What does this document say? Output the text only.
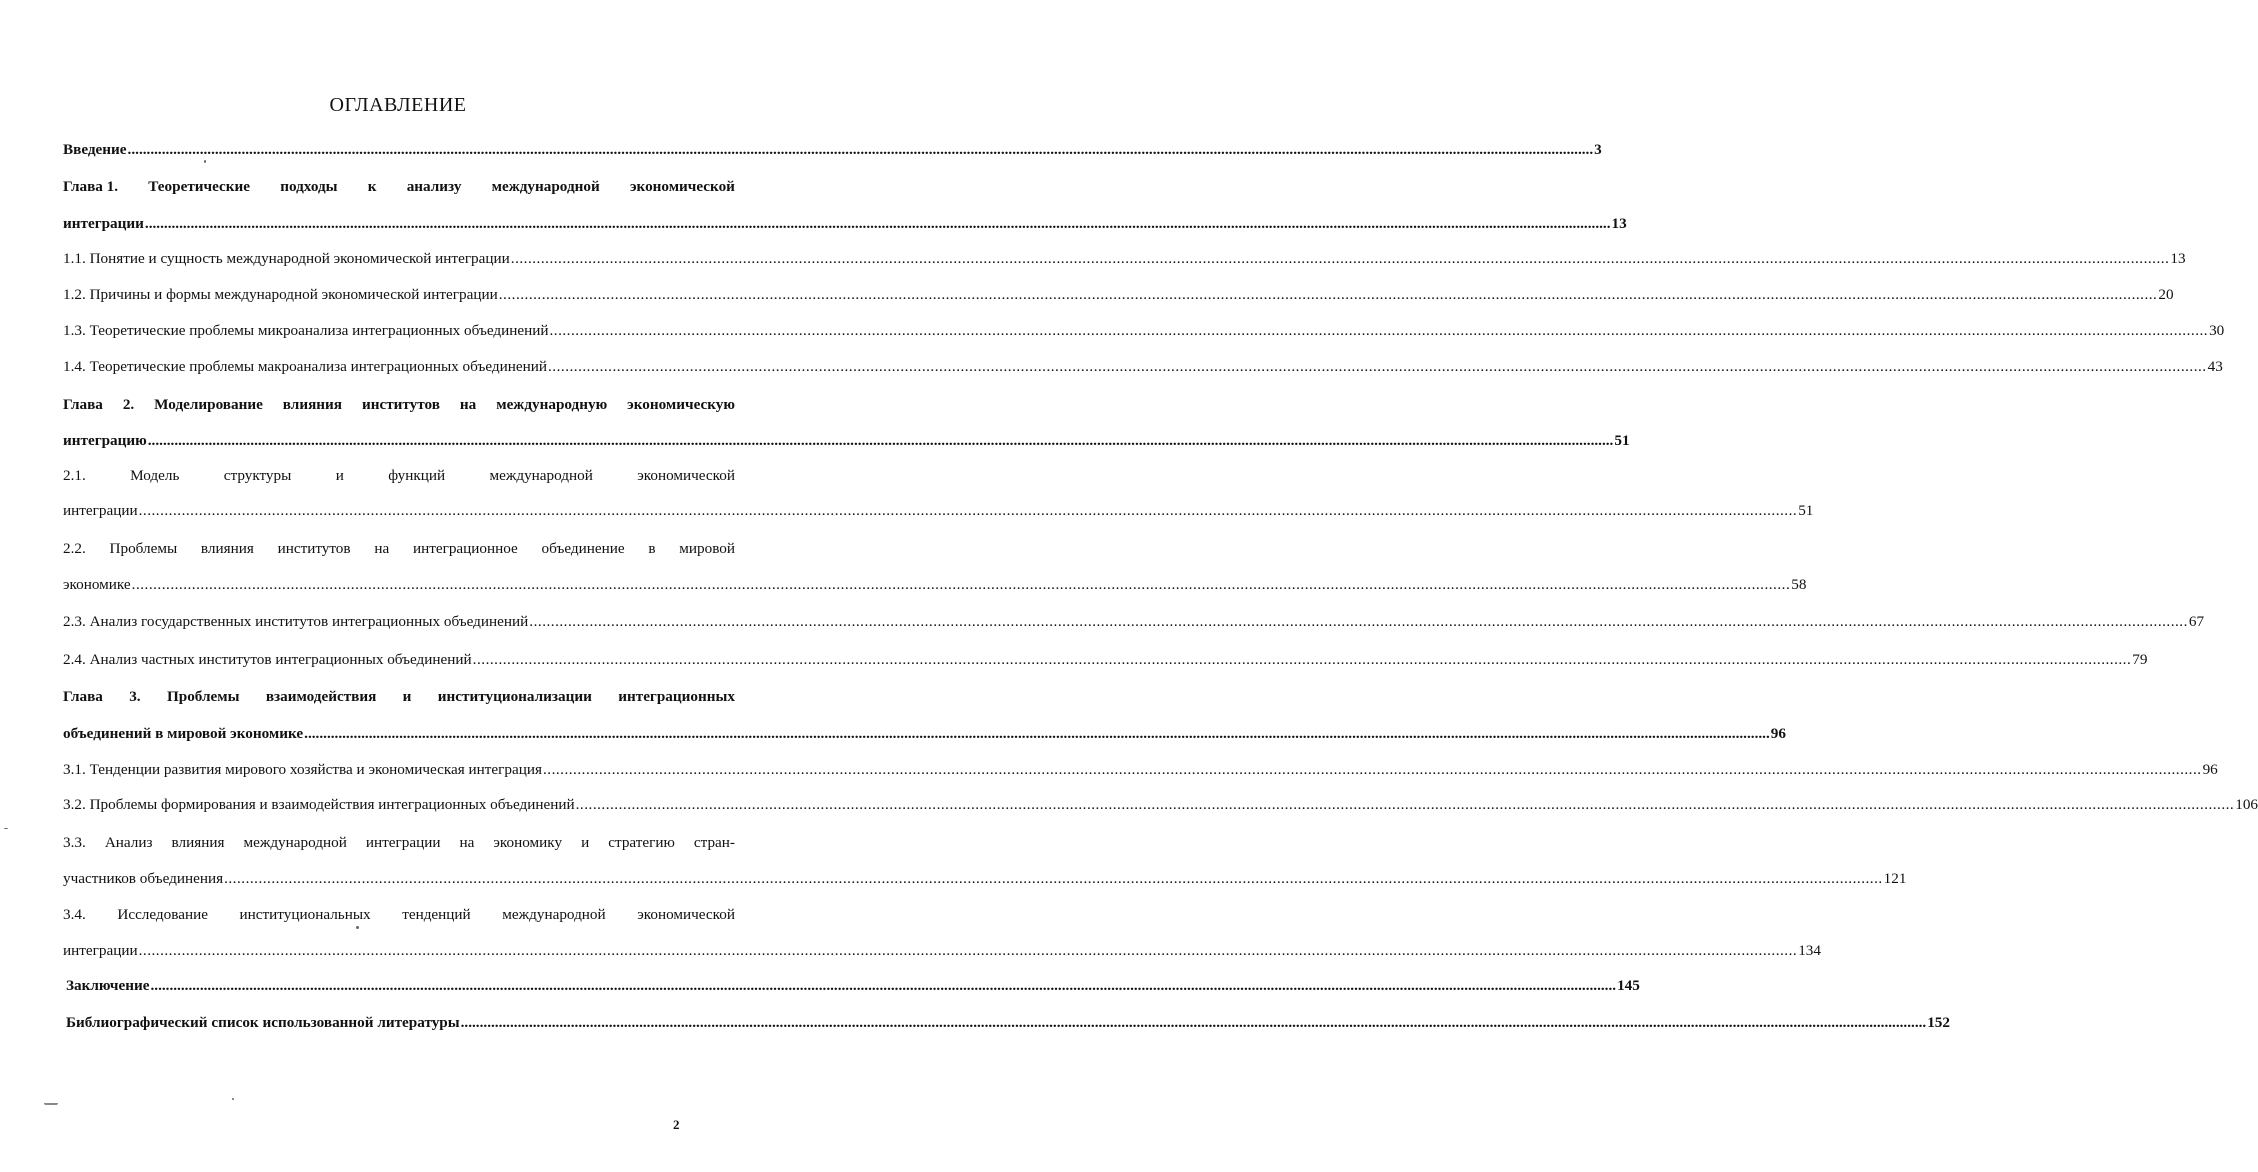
ОГЛАВЛЕНИЕ
Введение .................................................................................................................................................................................................................................................................................................................................................................................................. 3
Глава 1. Теоретические подходы к анализу международной экономической
интеграции .................................................................................................................................................................................................................................................................................................................................................................................................. 13
1.1. Понятие и сущность международной экономической интеграции .................................................................................................................................................................................................................................................................................................................................................................................................. 13
1.2. Причины и формы международной экономической интеграции .................................................................................................................................................................................................................................................................................................................................................................................................. 20
1.3. Теоретические проблемы микроанализа интеграционных объединений .................................................................................................................................................................................................................................................................................................................................................................................................. 30
1.4. Теоретические проблемы макроанализа интеграционных объединений .................................................................................................................................................................................................................................................................................................................................................................................................. 43
Глава 2. Моделирование влияния институтов на международную экономическую
интеграцию .................................................................................................................................................................................................................................................................................................................................................................................................. 51
2.1.	Модель	структуры	и	функций	международной	экономической
интеграции .................................................................................................................................................................................................................................................................................................................................................................................................. 51
2.2. Проблемы влияния институтов на интеграционное объединение в мировой
экономике .................................................................................................................................................................................................................................................................................................................................................................................................. 58
2.3. Анализ государственных институтов интеграционных объединений .................................................................................................................................................................................................................................................................................................................................................................................................. 67
2.4. Анализ частных институтов интеграционных объединений .................................................................................................................................................................................................................................................................................................................................................................................................. 79
Глава 3. Проблемы взаимодействия и институционализации интеграционных
объединений в мировой экономике .................................................................................................................................................................................................................................................................................................................................................................................................. 96
3.1. Тенденции развития мирового хозяйства и экономическая интеграция .................................................................................................................................................................................................................................................................................................................................................................................................. 96
3.2. Проблемы формирования и взаимодействия интеграционных объединений .................................................................................................................................................................................................................................................................................................................................................................................................. 106
3.3. Анализ влияния международной интеграции на экономику и стратегию стран-
участников объединения .................................................................................................................................................................................................................................................................................................................................................................................................. 121
3.4. Исследование институциональных тенденций международной экономической
интеграции .................................................................................................................................................................................................................................................................................................................................................................................................. 134
Заключение .................................................................................................................................................................................................................................................................................................................................................................................................. 145
Библиографический список использованной литературы .................................................................................................................................................................................................................................................................................................................................................................................................. 152
2
